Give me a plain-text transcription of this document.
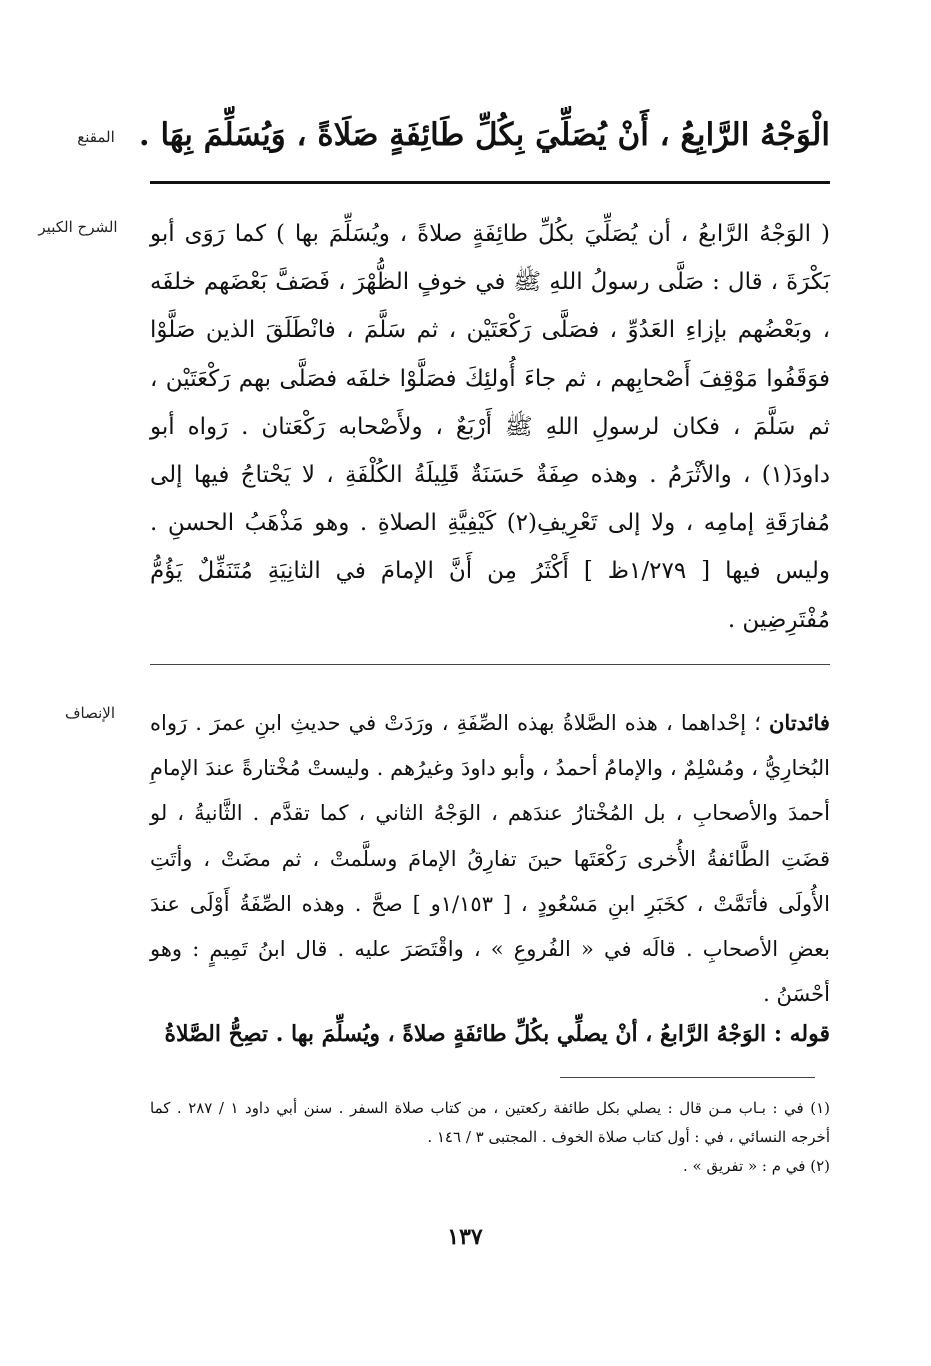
المقنع الْوَجْهُ الرَّابِعُ ، أَنْ يُصَلِّيَ بِكُلِّ طَائِفَةٍ صَلَاةً ، وَيُسَلِّمَ بِهَا .
الشرح الكبير	( الوَجْهُ الرَّابعُ ، أن يُصَلِّيَ بكُلِّ طائِفَةٍ صلاةً ، ويُسَلِّمَ بها ) كما رَوَى أبو بَكْرَةَ ، قال : صَلَّى رسولُ اللهِ ﷺ في خوفٍ الظُّهْرَ ، فَصَفَّ بَعْضَهم خلفَه ، وبَعْضُهم بإزاءِ العَدُوِّ ، فصَلَّى رَكْعَتَيْن ، ثم سَلَّمَ ، فانْطَلَقَ الذين صَلَّوْا فوَقَفُوا مَوْقِفَ أَصْحابِهم ، ثم جاءَ أُولئِكَ فصَلَّوْا خلفَه فصَلَّى بهم رَكْعَتَيْن ، ثم سَلَّمَ ، فكان لرسولِ اللهِ ﷺ أَرْبَعٌ ، ولأَصْحابه رَكْعَتان . رَواه أبو داودَ(١) ، والأثْرَمُ . وهذه صِفَةٌ حَسَنَةٌ قَلِيلَةُ الكُلْفَةِ ، لا يَحْتاجُ فيها إلى مُفارَقَةِ إمامِه ، ولا إلى تَعْرِيفِ(٢) كَيْفِيَّةِ الصلاةِ . وهو مَذْهَبُ الحسنِ . وليس فيها [ ١/٢٧٩ظ ] أَكْثَرُ مِن أَنَّ الإمامَ في الثانِيَةِ مُتَنَفِّلٌ يَؤُمُّ مُفْتَرِضِين .

الإنصاف	فائدتان ؛ إحْداهما ، هذه الصَّلاةُ بهذه الصِّفَةِ ، ورَدَتْ في حديثِ ابنِ عمرَ . رَواه البُخارِيُّ ، ومُسْلِمٌ ، والإمامُ أحمدُ ، وأبو داودَ وغيرُهم . وليستْ مُخْتارةً عندَ الإمامِ أحمدَ والأصحابِ ، بل المُخْتارُ عندَهم ، الوَجْهُ الثاني ، كما تقدَّم . الثَّانيةُ ، لو قضَتِ الطَّائفةُ الأُخرى رَكْعَتَها حينَ تفارِقُ الإمامَ وسلَّمتْ ، ثم مضَتْ ، وأتَتِ الأُولَى فأتَمَّتْ ، كخَبَرِ ابنِ مَسْعُودٍ ، [ ١/١٥٣و ] صحَّ . وهذه الصِّفَةُ أَوْلَى عندَ بعضِ الأصحابِ . قالَه في « الفُروعِ » ، واقْتَصَرَ عليه . قال ابنُ تَمِيمٍ : وهو أحْسَنُ .

قوله : الوَجْهُ الرَّابعُ ، أنْ يصلِّي بكُلِّ طائفَةٍ صلاةً ، ويُسلِّمَ بها . تصِحُّ الصَّلاةُ

(١) في : بـاب مـن قال : يصلي بكل طائفة ركعتين ، من كتاب صلاة السفر . سنن أبي داود ١ / ٢٨٧ . كما أخرجه النسائي ، في : أول كتاب صلاة الخوف . المجتبى ٣ / ١٤٦ .

(٢) في م : « تفريق » .

١٣٧
